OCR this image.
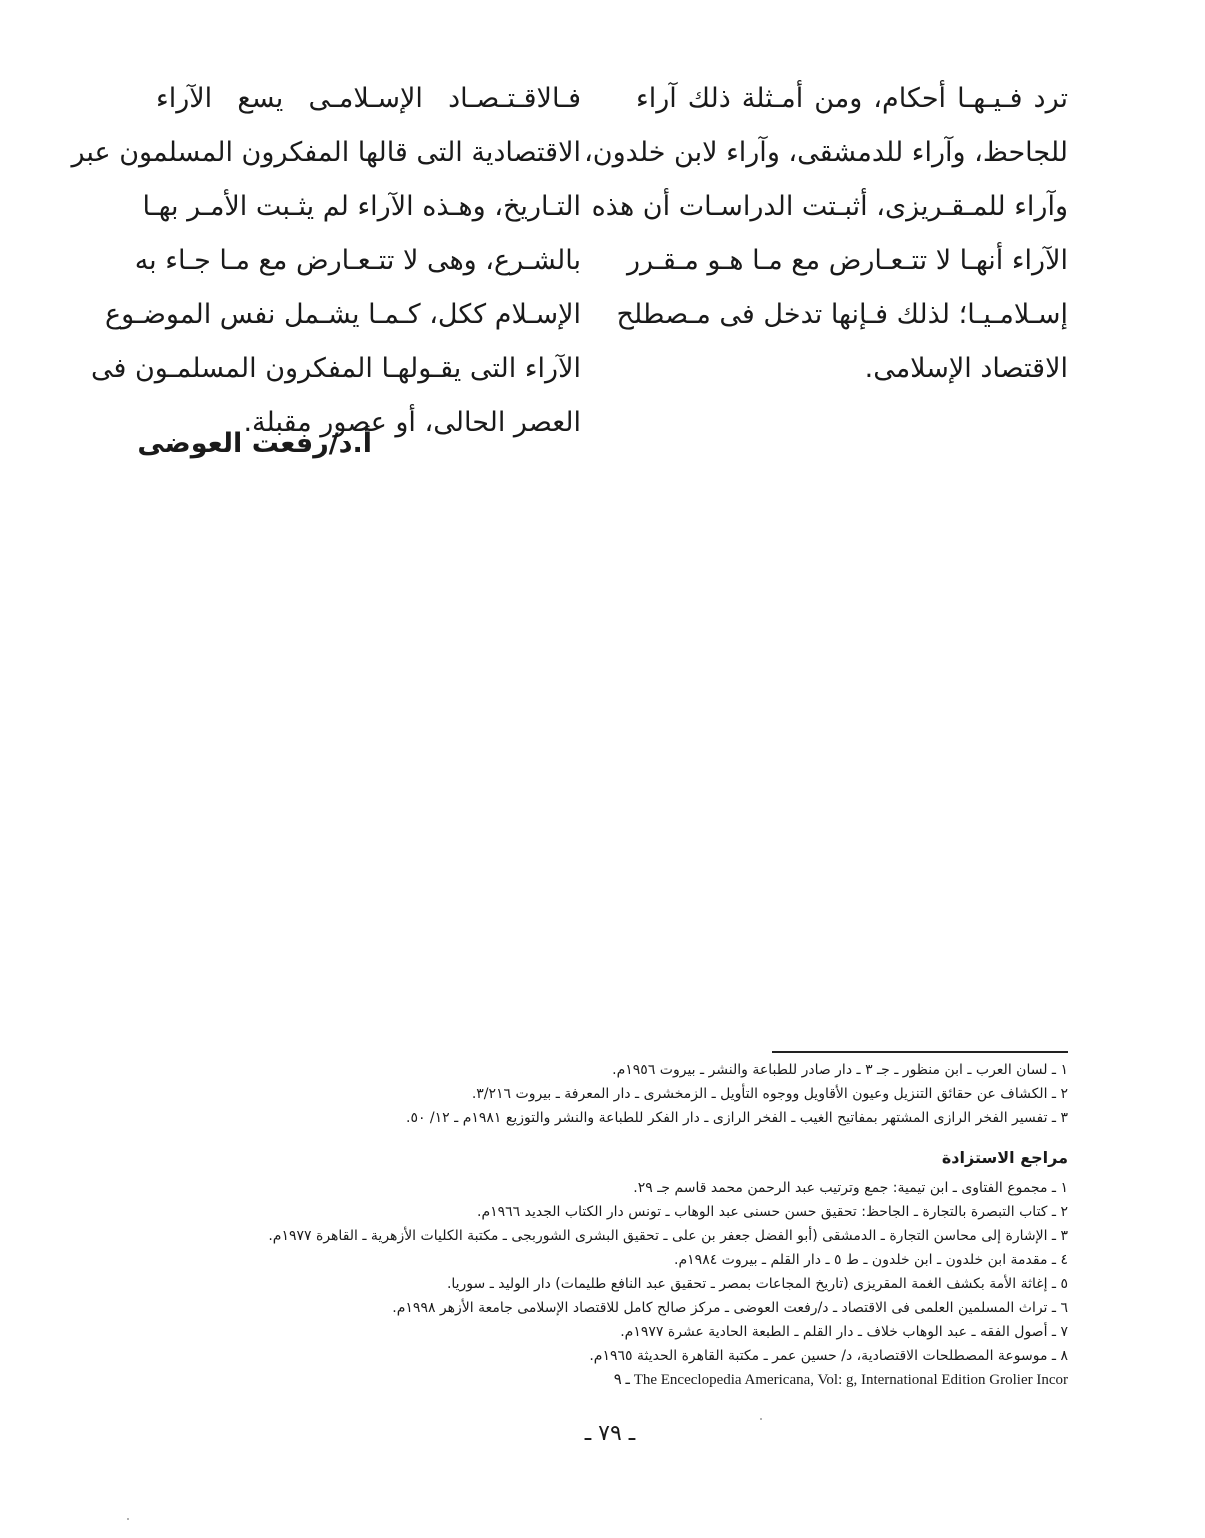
ترد فـيـهـا أحكام، ومن أمـثلة ذلك آراء
للجاحظ، وآراء للدمشقى، وآراء لابن خلدون،
وآراء للمـقـريزى، أثبـتت الدراسـات أن هذه
الآراء أنهـا لا تتـعـارض مع مـا هـو مـقـرر
إسـلامـيـا؛ لذلك فـإنها تدخل فى مـصطلح
الاقتصاد الإسلامى.
فـالاقـتـصـاد الإسـلامـى يسع الآراء
الاقتصادية التى قالها المفكرون المسلمون عبر
التـاريخ، وهـذه الآراء لم يثـبت الأمـر بهـا
بالشـرع، وهى لا تتـعـارض مع مـا جـاء به
الإسـلام ككل، كـمـا يشـمل نفس الموضـوع
الآراء التى يقـولهـا المفكرون المسلمـون فى
العصر الحالى، أو عصور مقبلة.
أ.د/رفعت العوضى
١ ـ لسان العرب ـ ابن منظور ـ جـ ٣ ـ دار صادر للطباعة والنشر ـ بيروت ١٩٥٦م.
٢ ـ الكشاف عن حقائق التنزيل وعيون الأقاويل ووجوه التأويل ـ الزمخشرى ـ دار المعرفة ـ بيروت ٣/٢١٦.
٣ ـ تفسير الفخر الرازى المشتهر بمفاتيح الغيب ـ الفخر الرازى ـ دار الفكر للطباعة والنشر والتوزيع ١٩٨١م ـ ١٢/ ٥٠.
مراجع الاستزادة
١ ـ مجموع الفتاوى ـ ابن تيمية: جمع وترتيب عبد الرحمن محمد قاسم جـ ٢٩.
٢ ـ كتاب التبصرة بالتجارة ـ الجاحظ: تحقيق حسن حسنى عبد الوهاب ـ تونس دار الكتاب الجديد ١٩٦٦م.
٣ ـ الإشارة إلى محاسن التجارة ـ الدمشقى (أبو الفضل جعفر بن على ـ تحقيق البشرى الشوربجى ـ مكتبة الكليات الأزهرية ـ القاهرة ١٩٧٧م.
٤ ـ مقدمة ابن خلدون ـ ابن خلدون ـ ط ٥ ـ دار القلم ـ بيروت ١٩٨٤م.
٥ ـ إغاثة الأمة بكشف الغمة المقريزى (تاريخ المجاعات بمصر ـ تحقيق عبد النافع طليمات) دار الوليد ـ سوريا.
٦ ـ تراث المسلمين العلمى فى الاقتصاد ـ د/رفعت العوضى ـ مركز صالح كامل للاقتصاد الإسلامى جامعة الأزهر ١٩٩٨م.
٧ ـ أصول الفقه ـ عبد الوهاب خلاف ـ دار القلم ـ الطبعة الحادية عشرة ١٩٧٧م.
٨ ـ موسوعة المصطلحات الاقتصادية، د/ حسين عمر ـ مكتبة القاهرة الحديثة ١٩٦٥م.
The Enceclopedia Americana, Vol: g, International Edition Grolier Incor ـ ٩
ـ ٧٩ ـ
